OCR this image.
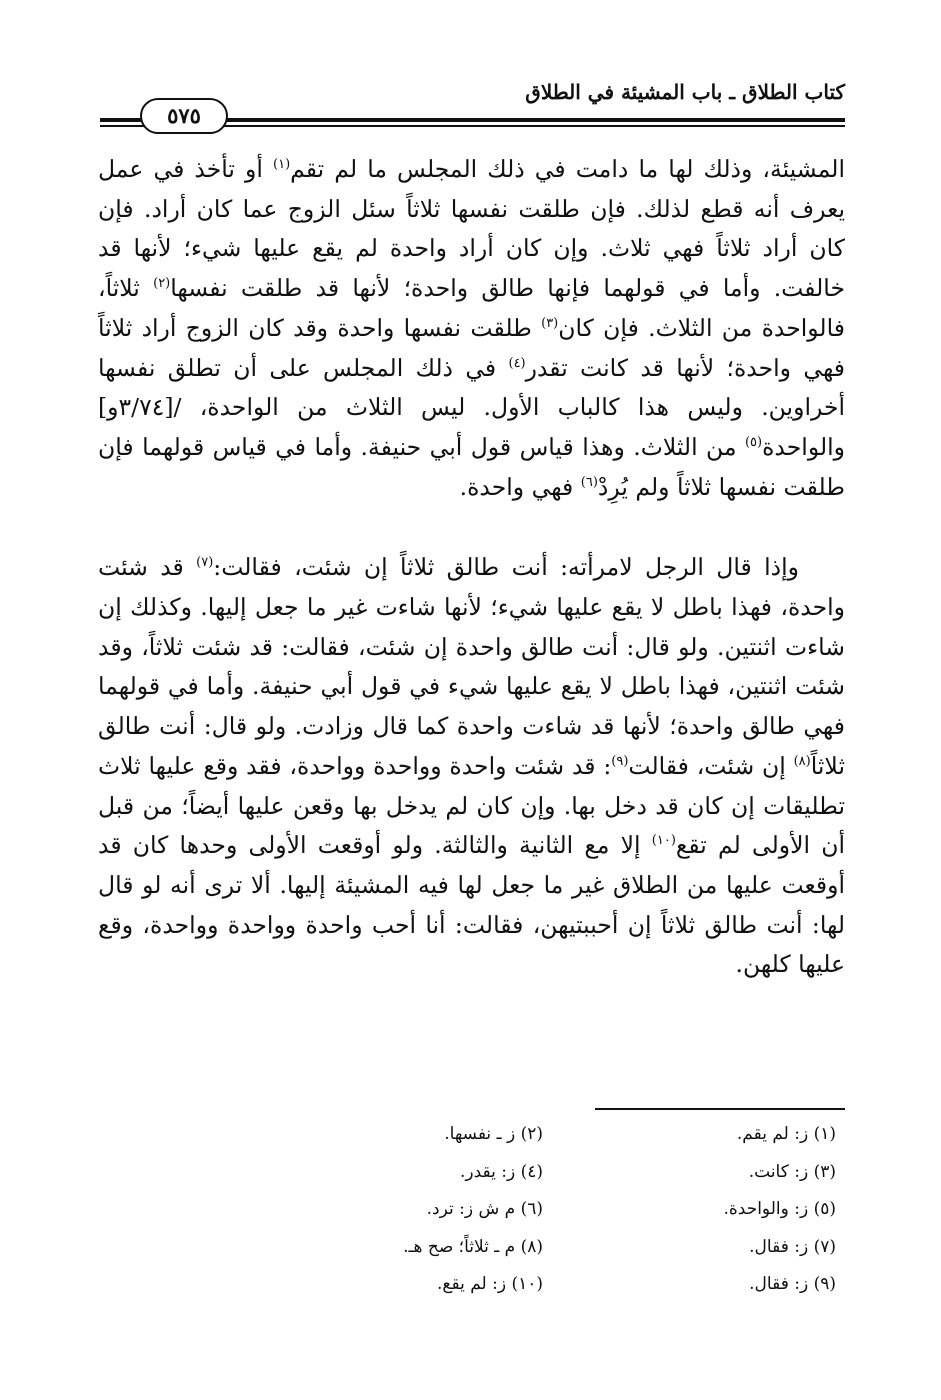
كتاب الطلاق ـ باب المشيئة في الطلاق
٥٧٥

المشيئة، وذلك لها ما دامت في ذلك المجلس ما لم تقم$^{(١)}$ أو تأخذ في عمل يعرف أنه قطع لذلك. فإن طلقت نفسها ثلاثاً سئل الزوج عما كان أراد. فإن كان أراد ثلاثاً فهي ثلاث. وإن كان أراد واحدة لم يقع عليها شيء؛ لأنها قد خالفت. وأما في قولهما فإنها طالق واحدة؛ لأنها قد طلقت نفسها$^{(٢)}$ ثلاثاً، فالواحدة من الثلاث. فإن كان$^{(٣)}$ طلقت نفسها واحدة وقد كان الزوج أراد ثلاثاً فهي واحدة؛ لأنها قد كانت تقدر$^{(٤)}$ في ذلك المجلس على أن تطلق نفسها أخراوين. وليس هذا كالباب الأول. ليس الثلاث من الواحدة، /[٣/٧٤و] والواحدة$^{(٥)}$ من الثلاث. وهذا قياس قول أبي حنيفة. وأما في قياس قولهما فإن طلقت نفسها ثلاثاً ولم يُرِدْ$^{(٦)}$ فهي واحدة.

وإذا قال الرجل لامرأته: أنت طالق ثلاثاً إن شئت، فقالت:$^{(٧)}$ قد شئت واحدة، فهذا باطل لا يقع عليها شيء؛ لأنها شاءت غير ما جعل إليها. وكذلك إن شاءت اثنتين. ولو قال: أنت طالق واحدة إن شئت، فقالت: قد شئت ثلاثاً، وقد شئت اثنتين، فهذا باطل لا يقع عليها شيء في قول أبي حنيفة. وأما في قولهما فهي طالق واحدة؛ لأنها قد شاءت واحدة كما قال وزادت. ولو قال: أنت طالق ثلاثاً$^{(٨)}$ إن شئت، فقالت$^{(٩)}$: قد شئت واحدة وواحدة وواحدة، فقد وقع عليها ثلاث تطليقات إن كان قد دخل بها. وإن كان لم يدخل بها وقعن عليها أيضاً؛ من قبل أن الأولى لم تقع$^{(١٠)}$ إلا مع الثانية والثالثة. ولو أوقعت الأولى وحدها كان قد أوقعت عليها من الطلاق غير ما جعل لها فيه المشيئة إليها. ألا ترى أنه لو قال لها: أنت طالق ثلاثاً إن أحببتيهن، فقالت: أنا أحب واحدة وواحدة وواحدة، وقع عليها كلهن.

(١) ز: لم يقم.
(٢) ز ـ نفسها.
(٣) ز: كانت.
(٤) ز: يقدر.
(٥) ز: والواحدة.
(٦) م ش ز: ترد.
(٧) ز: فقال.
(٨) م ـ ثلاثاً؛ صح هـ.
(٩) ز: فقال.
(١٠) ز: لم يقع.
